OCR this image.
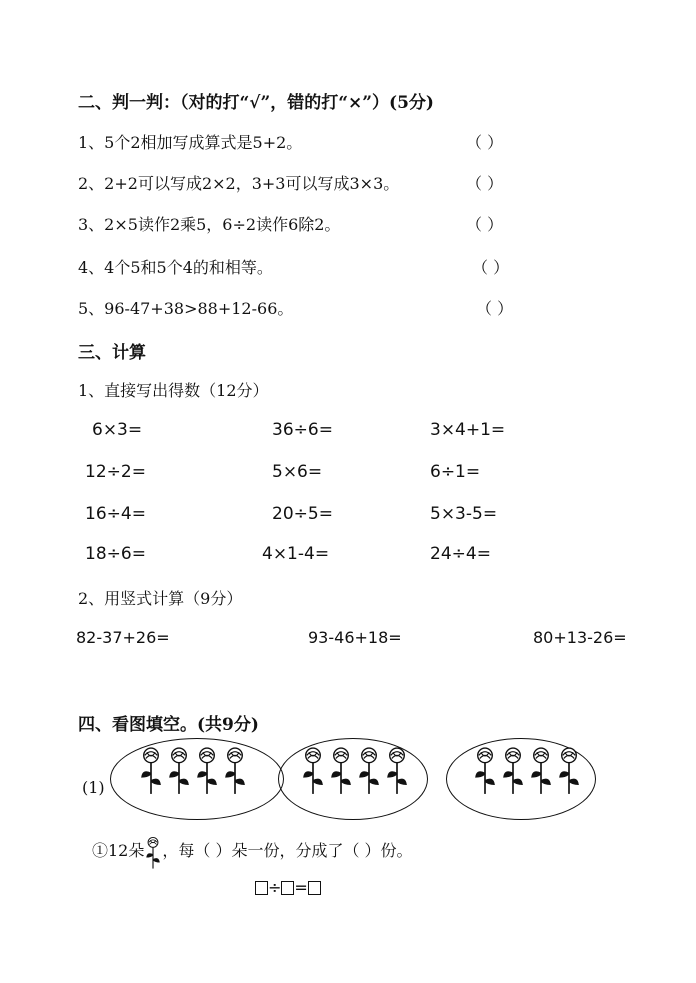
二、判一判：（对的打“√”，错的打“×”）(5分)
1、5个2相加写成算式是5+2。	（ ）
2、2+2可以写成2×2，3+3可以写成3×3。	（ ）
3、2×5读作2乘5，6÷2读作6除2。	（ ）
4、4个5和5个4的和相等。	（ ）
5、96-47+38>88+12-66。	（ ）
三、计算
1、直接写出得数（12分）
6×3=	36÷6=	3×4+1=
12÷2=	5×6=	6÷1=
16÷4=	20÷5=	5×3-5=
18÷6=	4×1-4=	24÷4=
2、用竖式计算（9分）
82-37+26=	93-46+18=	80+13-26=
四、看图填空。(共9分)
(1)
①12朵 ，每（ ）朵一份，分成了（ ）份。
÷ =
